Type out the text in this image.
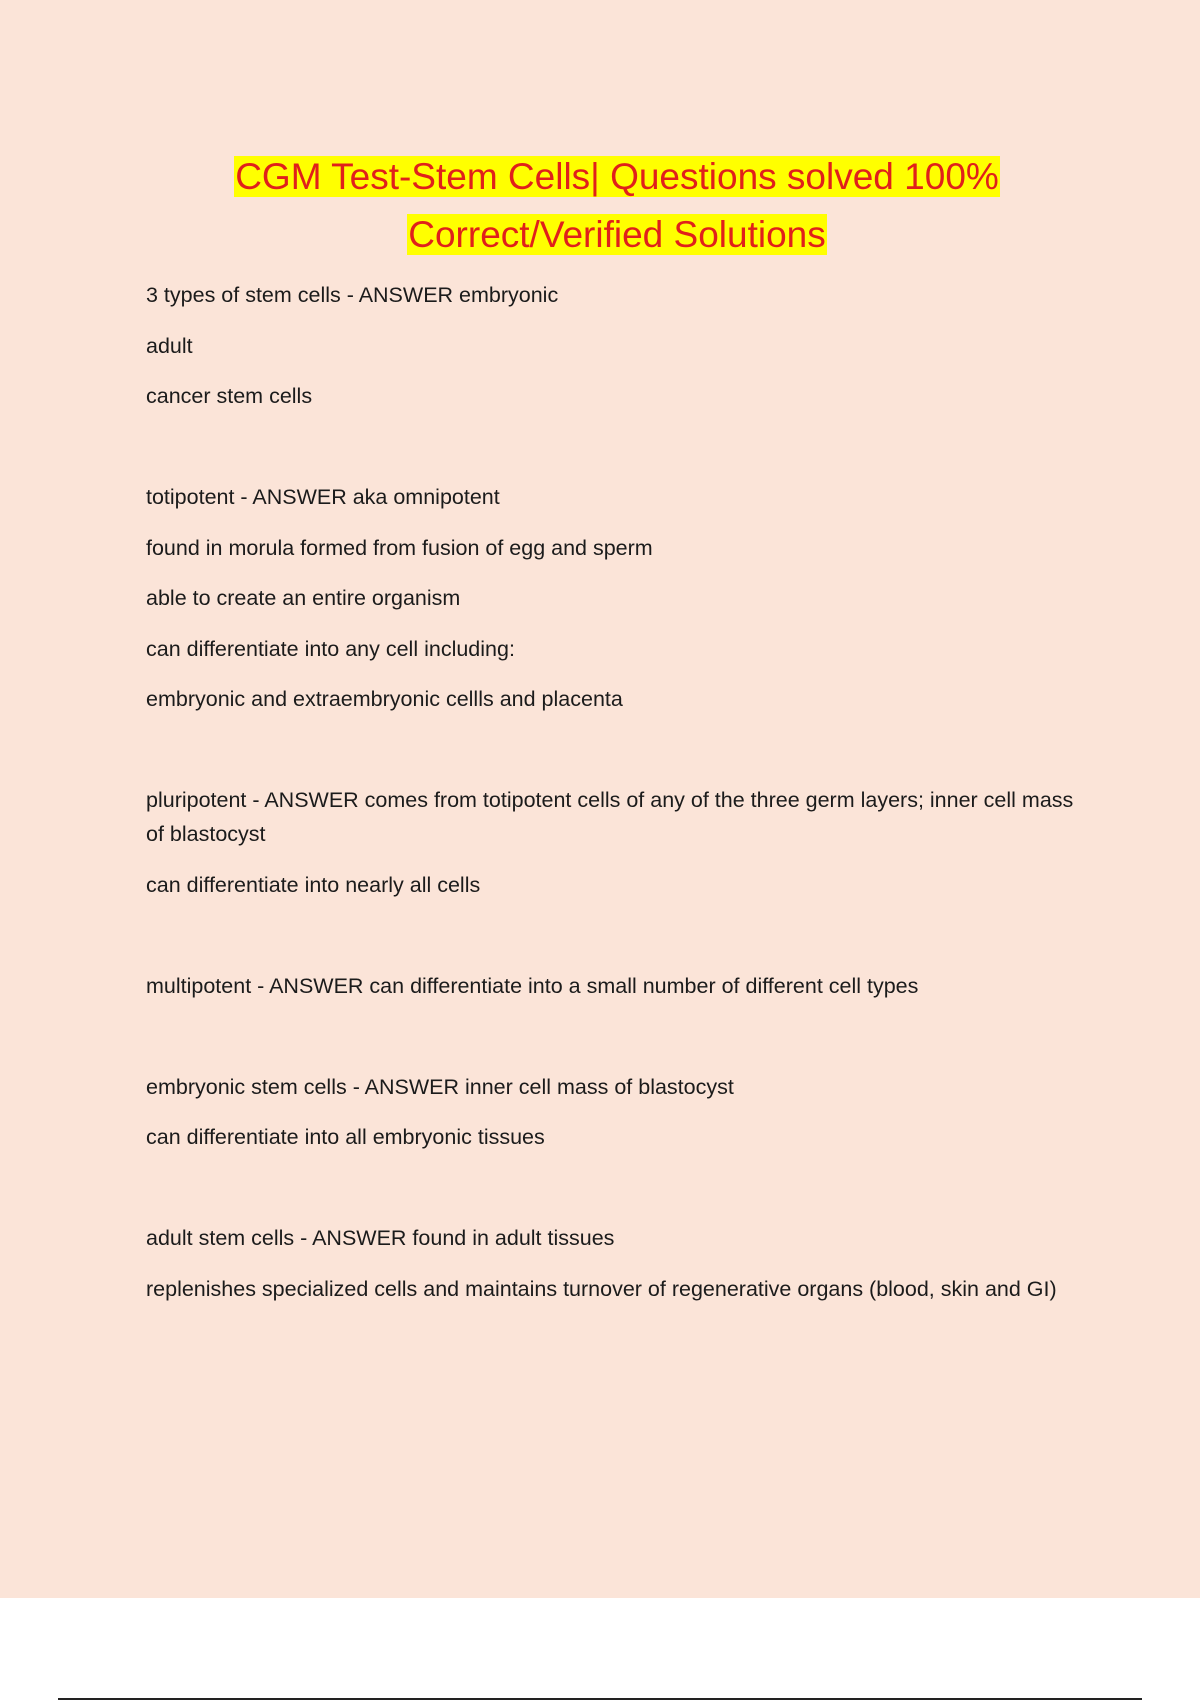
CGM Test-Stem Cells| Questions solved 100%
Correct/Verified Solutions

3 types of stem cells - ANSWER embryonic

adult

cancer stem cells

totipotent - ANSWER aka omnipotent

found in morula formed from fusion of egg and sperm

able to create an entire organism

can differentiate into any cell including:

embryonic and extraembryonic cellls and placenta

pluripotent - ANSWER comes from totipotent cells of any of the three germ layers; inner cell mass of blastocyst

can differentiate into nearly all cells

multipotent - ANSWER can differentiate into a small number of different cell types

embryonic stem cells - ANSWER inner cell mass of blastocyst

can differentiate into all embryonic tissues

adult stem cells - ANSWER found in adult tissues

replenishes specialized cells and maintains turnover of regenerative organs (blood, skin and GI)
